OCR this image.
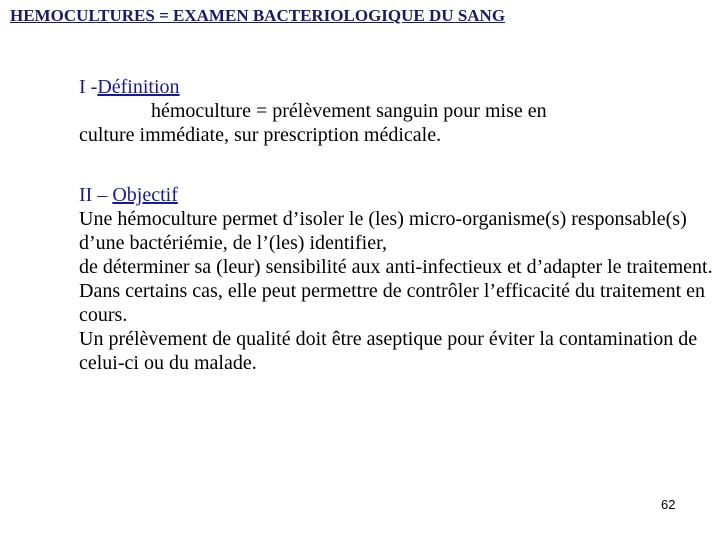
HEMOCULTURES = EXAMEN BACTERIOLOGIQUE DU SANG
I -Définition
hémoculture = prélèvement sanguin pour mise en
culture immédiate, sur prescription médicale.
II – Objectif
Une hémoculture permet d’isoler le (les) micro-organisme(s) responsable(s) d’une bactériémie, de l’(les) identifier,
de déterminer sa (leur) sensibilité aux anti-infectieux et d’adapter le traitement.
Dans certains cas, elle peut permettre de contrôler l’efficacité du traitement en cours.
Un prélèvement de qualité doit être aseptique pour éviter la contamination de celui-ci ou du malade.
62
